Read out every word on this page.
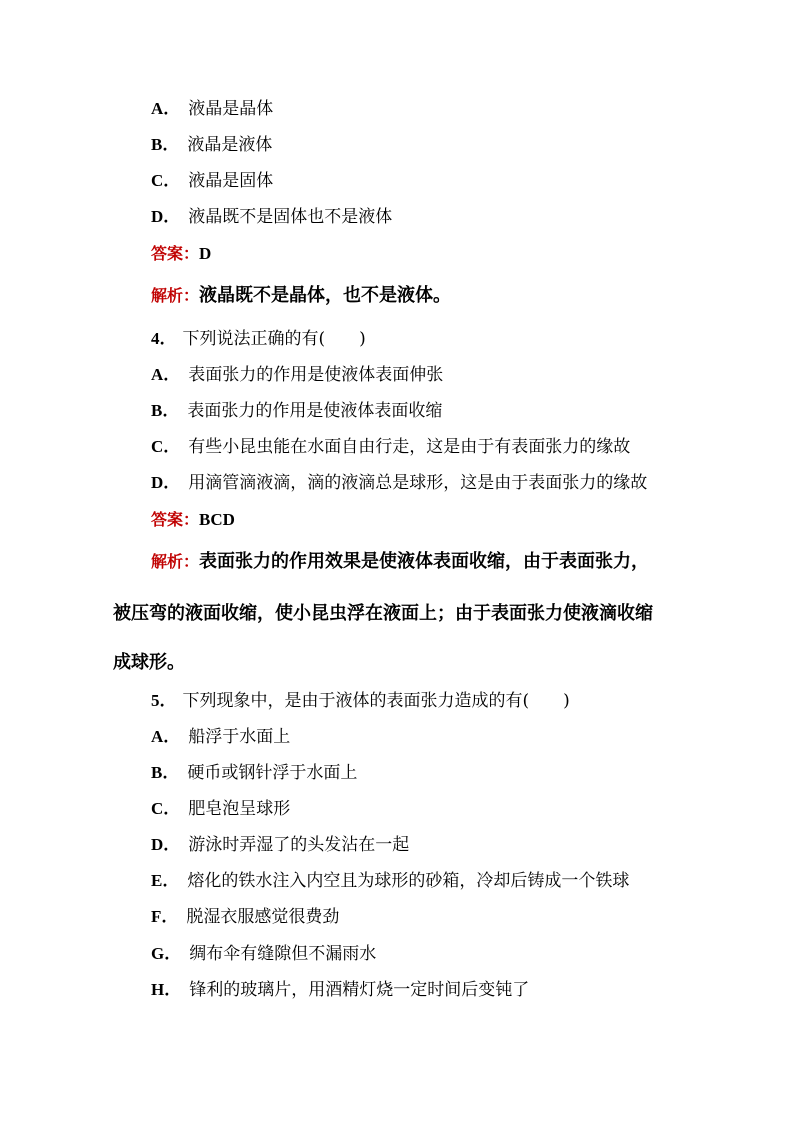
A． 液晶是晶体
B． 液晶是液体
C． 液晶是固体
D． 液晶既不是固体也不是液体
答案：D
解析：液晶既不是晶体，也不是液体。
4． 下列说法正确的有( )
A． 表面张力的作用是使液体表面伸张
B． 表面张力的作用是使液体表面收缩
C． 有些小昆虫能在水面自由行走，这是由于有表面张力的缘故
D． 用滴管滴液滴，滴的液滴总是球形，这是由于表面张力的缘故
答案：BCD
解析：表面张力的作用效果是使液体表面收缩，由于表面张力，
被压弯的液面收缩，使小昆虫浮在液面上；由于表面张力使液滴收缩
成球形。
5． 下列现象中，是由于液体的表面张力造成的有( )
A． 船浮于水面上
B． 硬币或钢针浮于水面上
C． 肥皂泡呈球形
D． 游泳时弄湿了的头发沾在一起
E． 熔化的铁水注入内空且为球形的砂箱，冷却后铸成一个铁球
F． 脱湿衣服感觉很费劲
G． 绸布伞有缝隙但不漏雨水
H． 锋利的玻璃片，用酒精灯烧一定时间后变钝了
